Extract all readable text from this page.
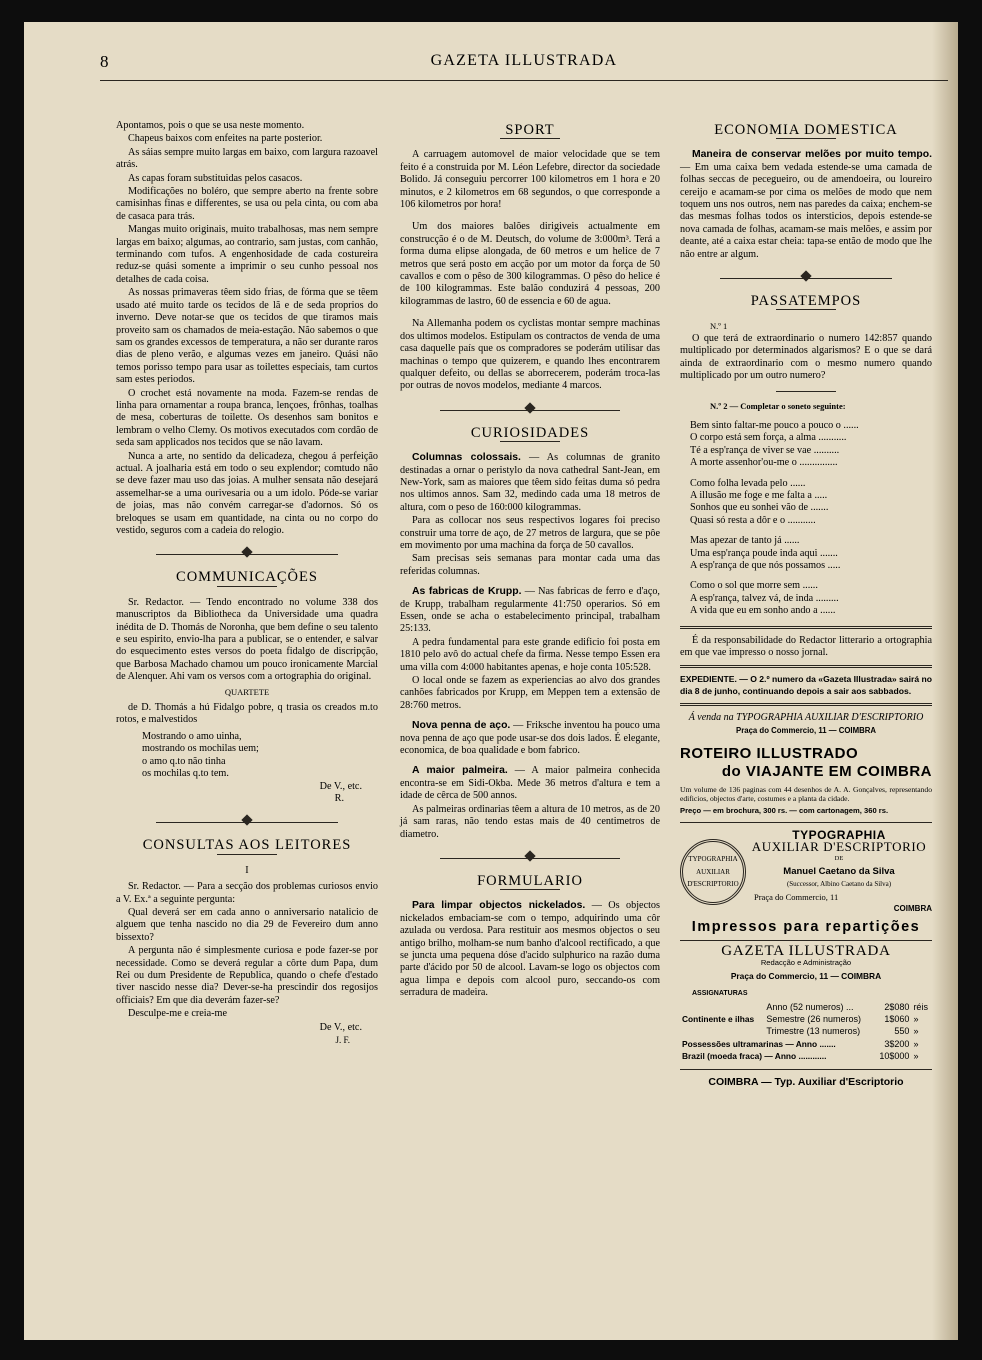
8	GAZETA ILLUSTRADA

Apontamos, pois o que se usa neste momento.

Chapeus baixos com enfeites na parte posterior.

As sáias sempre muito largas em baixo, com largura razoavel atrás.

As capas foram substituidas pelos casacos.

Modificações no boléro, que sempre aberto na frente sobre camisinhas finas e differentes, se usa ou pela cinta, ou com aba de casaca para trás.

Mangas muito originais, muito trabalhosas, mas nem sempre largas em baixo; algumas, ao contrario, sam justas, com canhão, terminando com tufos. A engenhosidade de cada costureira reduz-se quási somente a imprimir o seu cunho pessoal nos detalhes de cada coisa.

As nossas primaveras têem sido frias, de fórma que se têem usado até muito tarde os tecidos de lã e de seda proprios do inverno. Deve notar-se que os tecidos de que tiramos mais proveito sam os chamados de meia-estação. Não sabemos o que sam os grandes excessos de temperatura, a não ser durante raros dias de pleno verão, e algumas vezes em janeiro. Quási não temos porisso tempo para usar as toilettes especiais, tam curtos sam estes periodos.

O crochet está novamente na moda. Fazem-se rendas de linha para ornamentar a roupa branca, lençoes, frônhas, toalhas de mesa, coberturas de toilette. Os desenhos sam bonitos e lembram o velho Clemy. Os motivos executados com cordão de seda sam applicados nos tecidos que se não lavam.

Nunca a arte, no sentido da delicadeza, chegou á perfeição actual. A joalharia está em todo o seu explendor; comtudo não se deve fazer mau uso das joias. A mulher sensata não desejará assemelhar-se a uma ourivesaria ou a um idolo. Póde-se variar de joias, mas não convém carregar-se d'adornos. Só os breloques se usam em quantidade, na cinta ou no corpo do vestido, seguros com a cadeia do relogio.

COMMUNICAÇÕES

Sr. Redactor. — Tendo encontrado no volume 338 dos manuscriptos da Bibliotheca da Universidade uma quadra inédita de D. Thomás de Noronha, que bem define o seu talento e seu espirito, envio-lha para a publicar, se o entender, e salvar do esquecimento estes versos do poeta fidalgo de discripção, que Barbosa Machado chamou um pouco ironicamente Marcial de Alenquer. Ahi vam os versos com a ortographia do original.

QUARTETE

de D. Thomás a hú Fidalgo pobre, q trasia os creados m.to rotos, e malvestidos

Mostrando o amo uinha,
mostrando os mochilas uem;
o amo q.to não tinha
os mochilas q.to tem.
De V., etc.
R.
CONSULTAS AOS LEITORES
I

Sr. Redactor. — Para a secção dos problemas curiosos envio a V. Ex.ª a seguinte pergunta:

Qual deverá ser em cada anno o anniversario natalicio de alguem que tenha nascido no dia 29 de Fevereiro dum anno bissexto?

A pergunta não é simplesmente curiosa e pode fazer-se por necessidade. Como se deverá regular a côrte dum Papa, dum Rei ou dum Presidente de Republica, quando o chefe d'estado tiver nascido nesse dia? Dever-se-ha prescindir dos regosijos officiais? Em que dia deverám fazer-se?

Desculpe-me e creia-me

De V., etc.
J. F.
SPORT

A carruagem automovel de maior velocidade que se tem feito é a construida por M. Léon Lefebre, director da sociedade Bolido. Já conseguiu percorrer 100 kilometros em 1 hora e 20 minutos, e 2 kilometros em 68 segundos, o que corresponde a 106 kilometros por hora!

Um dos maiores balões dirigiveis actualmente em construcção é o de M. Deutsch, do volume de 3:000m³. Terá a forma duma elipse alongada, de 60 metros e um helice de 7 metros que será posto em acção por um motor da força de 50 cavallos e com o pêso de 300 kilogrammas. O pêso do helice é de 100 kilogrammas. Este balão conduzirá 4 pessoas, 200 kilogrammas de lastro, 60 de essencia e 60 de agua.

Na Allemanha podem os cyclistas montar sempre machinas dos ultimos modelos. Estipulam os contractos de venda de uma casa daquelle país que os compradores se poderám utilisar das machinas o tempo que quizerem, e quando lhes encontrarem qualquer defeito, ou dellas se aborrecerem, poderám troca-las por outras de novos modelos, mediante 4 marcos.

CURIOSIDADES

Columnas colossais. — As columnas de granito destinadas a ornar o peristylo da nova cathedral Sant-Jean, em New-York, sam as maiores que têem sido feitas duma só pedra nos ultimos annos. Sam 32, medindo cada uma 18 metros de altura, com o peso de 160:000 kilogrammas.

Para as collocar nos seus respectivos logares foi preciso construir uma torre de aço, de 27 metros de largura, que se pôe em movimento por uma machina da força de 50 cavallos.

Sam precisas seis semanas para montar cada uma das referidas columnas.

As fabricas de Krupp. — Nas fabricas de ferro e d'aço, de Krupp, trabalham regularmente 41:750 operarios. Só em Essen, onde se acha o estabelecimento principal, trabalham 25:133.

A pedra fundamental para este grande edificio foi posta em 1810 pelo avô do actual chefe da firma. Nesse tempo Essen era uma villa com 4:000 habitantes apenas, e hoje conta 105:528.

O local onde se fazem as experiencias ao alvo dos grandes canhões fabricados por Krupp, em Meppen tem a extensão de 28:760 metros.

Nova penna de aço. — Friksche inventou ha pouco uma nova penna de aço que pode usar-se dos dois lados. É elegante, economica, de boa qualidade e bom fabrico.

A maior palmeira. — A maior palmeira conhecida encontra-se em Sidi-Okba. Mede 36 metros d'altura e tem a idade de cêrca de 500 annos.

As palmeiras ordinarias têem a altura de 10 metros, as de 20 já sam raras, não tendo estas mais de 40 centimetros de diametro.

FORMULARIO

Para limpar objectos nickelados. — Os objectos nickelados embaciam-se com o tempo, adquirindo uma côr azulada ou verdosa. Para restituir aos mesmos objectos o seu antigo brilho, molham-se num banho d'alcool rectificado, a que se juncta uma pequena dóse d'acido sulphurico na razão duma parte d'ácido por 50 de alcool. Lavam-se logo os objectos com agua limpa e depois com alcool puro, seccando-os com serradura de madeira.

ECONOMIA DOMESTICA

Maneira de conservar melões por muito tempo. — Em uma caixa bem vedada estende-se uma camada de folhas seccas de pecegueiro, ou de amendoeira, ou loureiro cereijo e acamam-se por cima os melões de modo que nem toquem uns nos outros, nem nas paredes da caixa; enchem-se das mesmas folhas todos os intersticios, depois estende-se nova camada de folhas, acamam-se mais melões, e assim por deante, até a caixa estar cheia: tapa-se então de modo que lhe não entre ar algum.

PASSATEMPOS
N.º 1

O que terá de extraordinario o numero 142:857 quando multiplicado por determinados algarismos? E o que se dará ainda de extraordinario com o mesmo numero quando multiplicado por um outro numero?

N.º 2 — Completar o soneto seguinte:
Bem sinto faltar-me pouco a pouco o ......
O corpo está sem força, a alma ...........
Té a esp'rança de viver se vae ..........
A morte assenhor'ou-me o ...............
Como folha levada pelo ......
A illusão me foge e me falta a .....
Sonhos que eu sonhei vão de .......
Quasi só resta a dôr e o ...........
Mas apezar de tanto já ......
Uma esp'rança poude inda aqui .......
A esp'rança de que nós possamos .....
Como o sol que morre sem ......
A esp'rança, talvez vá, de inda .........
A vida que eu em sonho ando a ......

É da responsabilidade do Redactor litterario a ortographia em que vae impresso o nosso jornal.

EXPEDIENTE. — O 2.º numero da «Gazeta Illustrada» sairá no dia 8 de junho, continuando depois a sair aos sabbados.
Á venda na TYPOGRAPHIA AUXILIAR D'ESCRIPTORIO
Praça do Commercio, 11 — COIMBRA
ROTEIRO ILLUSTRADO
do VIAJANTE EM COIMBRA
Um volume de 136 paginas com 44 desenhos de A. A. Gonçalves, representando edificios, objectos d'arte, costumes e a planta da cidade.
Preço — em brochura, 300 rs. — com cartonagem, 360 rs.
TYPOGRAPHIA AUXILIAR D'ESCRIPTORIO
TYPOGRAPHIA
AUXILIAR D'ESCRIPTORIO
DE
Manuel Caetano da Silva
(Successor, Albino Caetano da Silva)
Praça do Commercio, 11
COIMBRA
Impressos para repartições
GAZETA ILLUSTRADA
Redacção e Administração
Praça do Commercio, 11 — COIMBRA
ASSIGNATURAS
Continente e ilhas	Anno (52 numeros) ...	2$080	réis
	Semestre (26 numeros)	1$060	»
	Trimestre (13 numeros)	550	»
Possessões ultramarinas — Anno .......		3$200	»
Brazil (moeda fraca) — Anno ............		10$000	»
COIMBRA — Typ. Auxiliar d'Escriptorio
